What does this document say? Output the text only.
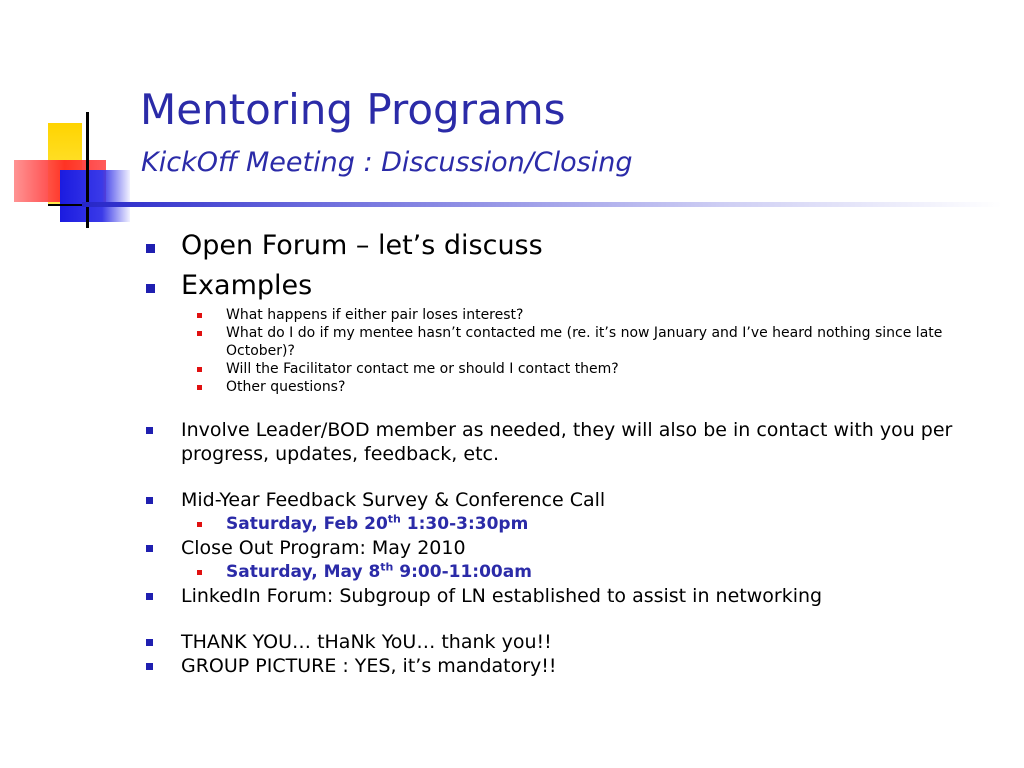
Mentoring Programs
KickOff Meeting : Discussion/Closing
Open Forum – let’s discuss
Examples
What happens if either pair loses interest?
What do I do if my mentee hasn’t contacted me (re. it’s now January and I’ve heard nothing since late October)?
Will the Facilitator contact me or should I contact them?
Other questions?
Involve Leader/BOD member as needed, they will also be in contact with you per progress, updates, feedback, etc.
Mid-Year Feedback Survey & Conference Call
Saturday, Feb 20th 1:30-3:30pm
Close Out Program: May 2010
Saturday, May 8th 9:00-11:00am
LinkedIn Forum: Subgroup of LN established to assist in networking
THANK YOU… tHaNk YoU… thank you!!
GROUP PICTURE : YES, it’s mandatory!!
